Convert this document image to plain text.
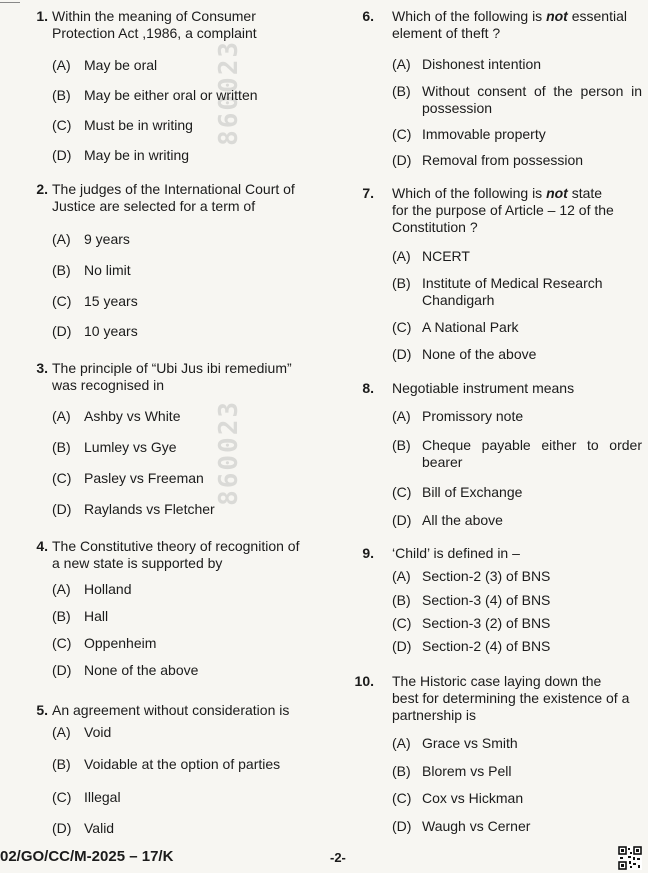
860023
860023
1. Within the meaning of Consumer
Protection Act ,1986, a complaint
(A) May be oral
(B) May be either oral or written
(C) Must be in writing
(D) May be in writing
2. The judges of the International Court of
Justice are selected for a term of
(A) 9 years
(B) No limit
(C) 15 years
(D) 10 years
3. The principle of “Ubi Jus ibi remedium”
was recognised in
(A) Ashby vs White
(B) Lumley vs Gye
(C) Pasley vs Freeman
(D) Raylands vs Fletcher
4. The Constitutive theory of recognition of
a new state is supported by
(A) Holland
(B) Hall
(C) Oppenheim
(D) None of the above
5. An agreement without consideration is
(A) Void
(B) Voidable at the option of parties
(C) Illegal
(D) Valid
6. Which of the following is not essential
element of theft ?
(A) Dishonest intention
(B) Without consent of the person in
possession
(C) Immovable property
(D) Removal from possession
7. Which of the following is not state
for the purpose of Article – 12 of the
Constitution ?
(A) NCERT
(B) Institute of Medical Research
Chandigarh
(C) A National Park
(D) None of the above
8. Negotiable instrument means
(A) Promissory note
(B) Cheque payable either to order
bearer
(C) Bill of Exchange
(D) All the above
9. ‘Child’ is defined in –
(A) Section-2 (3) of BNS
(B) Section-3 (4) of BNS
(C) Section-3 (2) of BNS
(D) Section-2 (4) of BNS
10. The Historic case laying down the
best for determining the existence of a
partnership is
(A) Grace vs Smith
(B) Blorem vs Pell
(C) Cox vs Hickman
(D) Waugh vs Cerner
02/GO/CC/M-2025 – 17/K	-2-
